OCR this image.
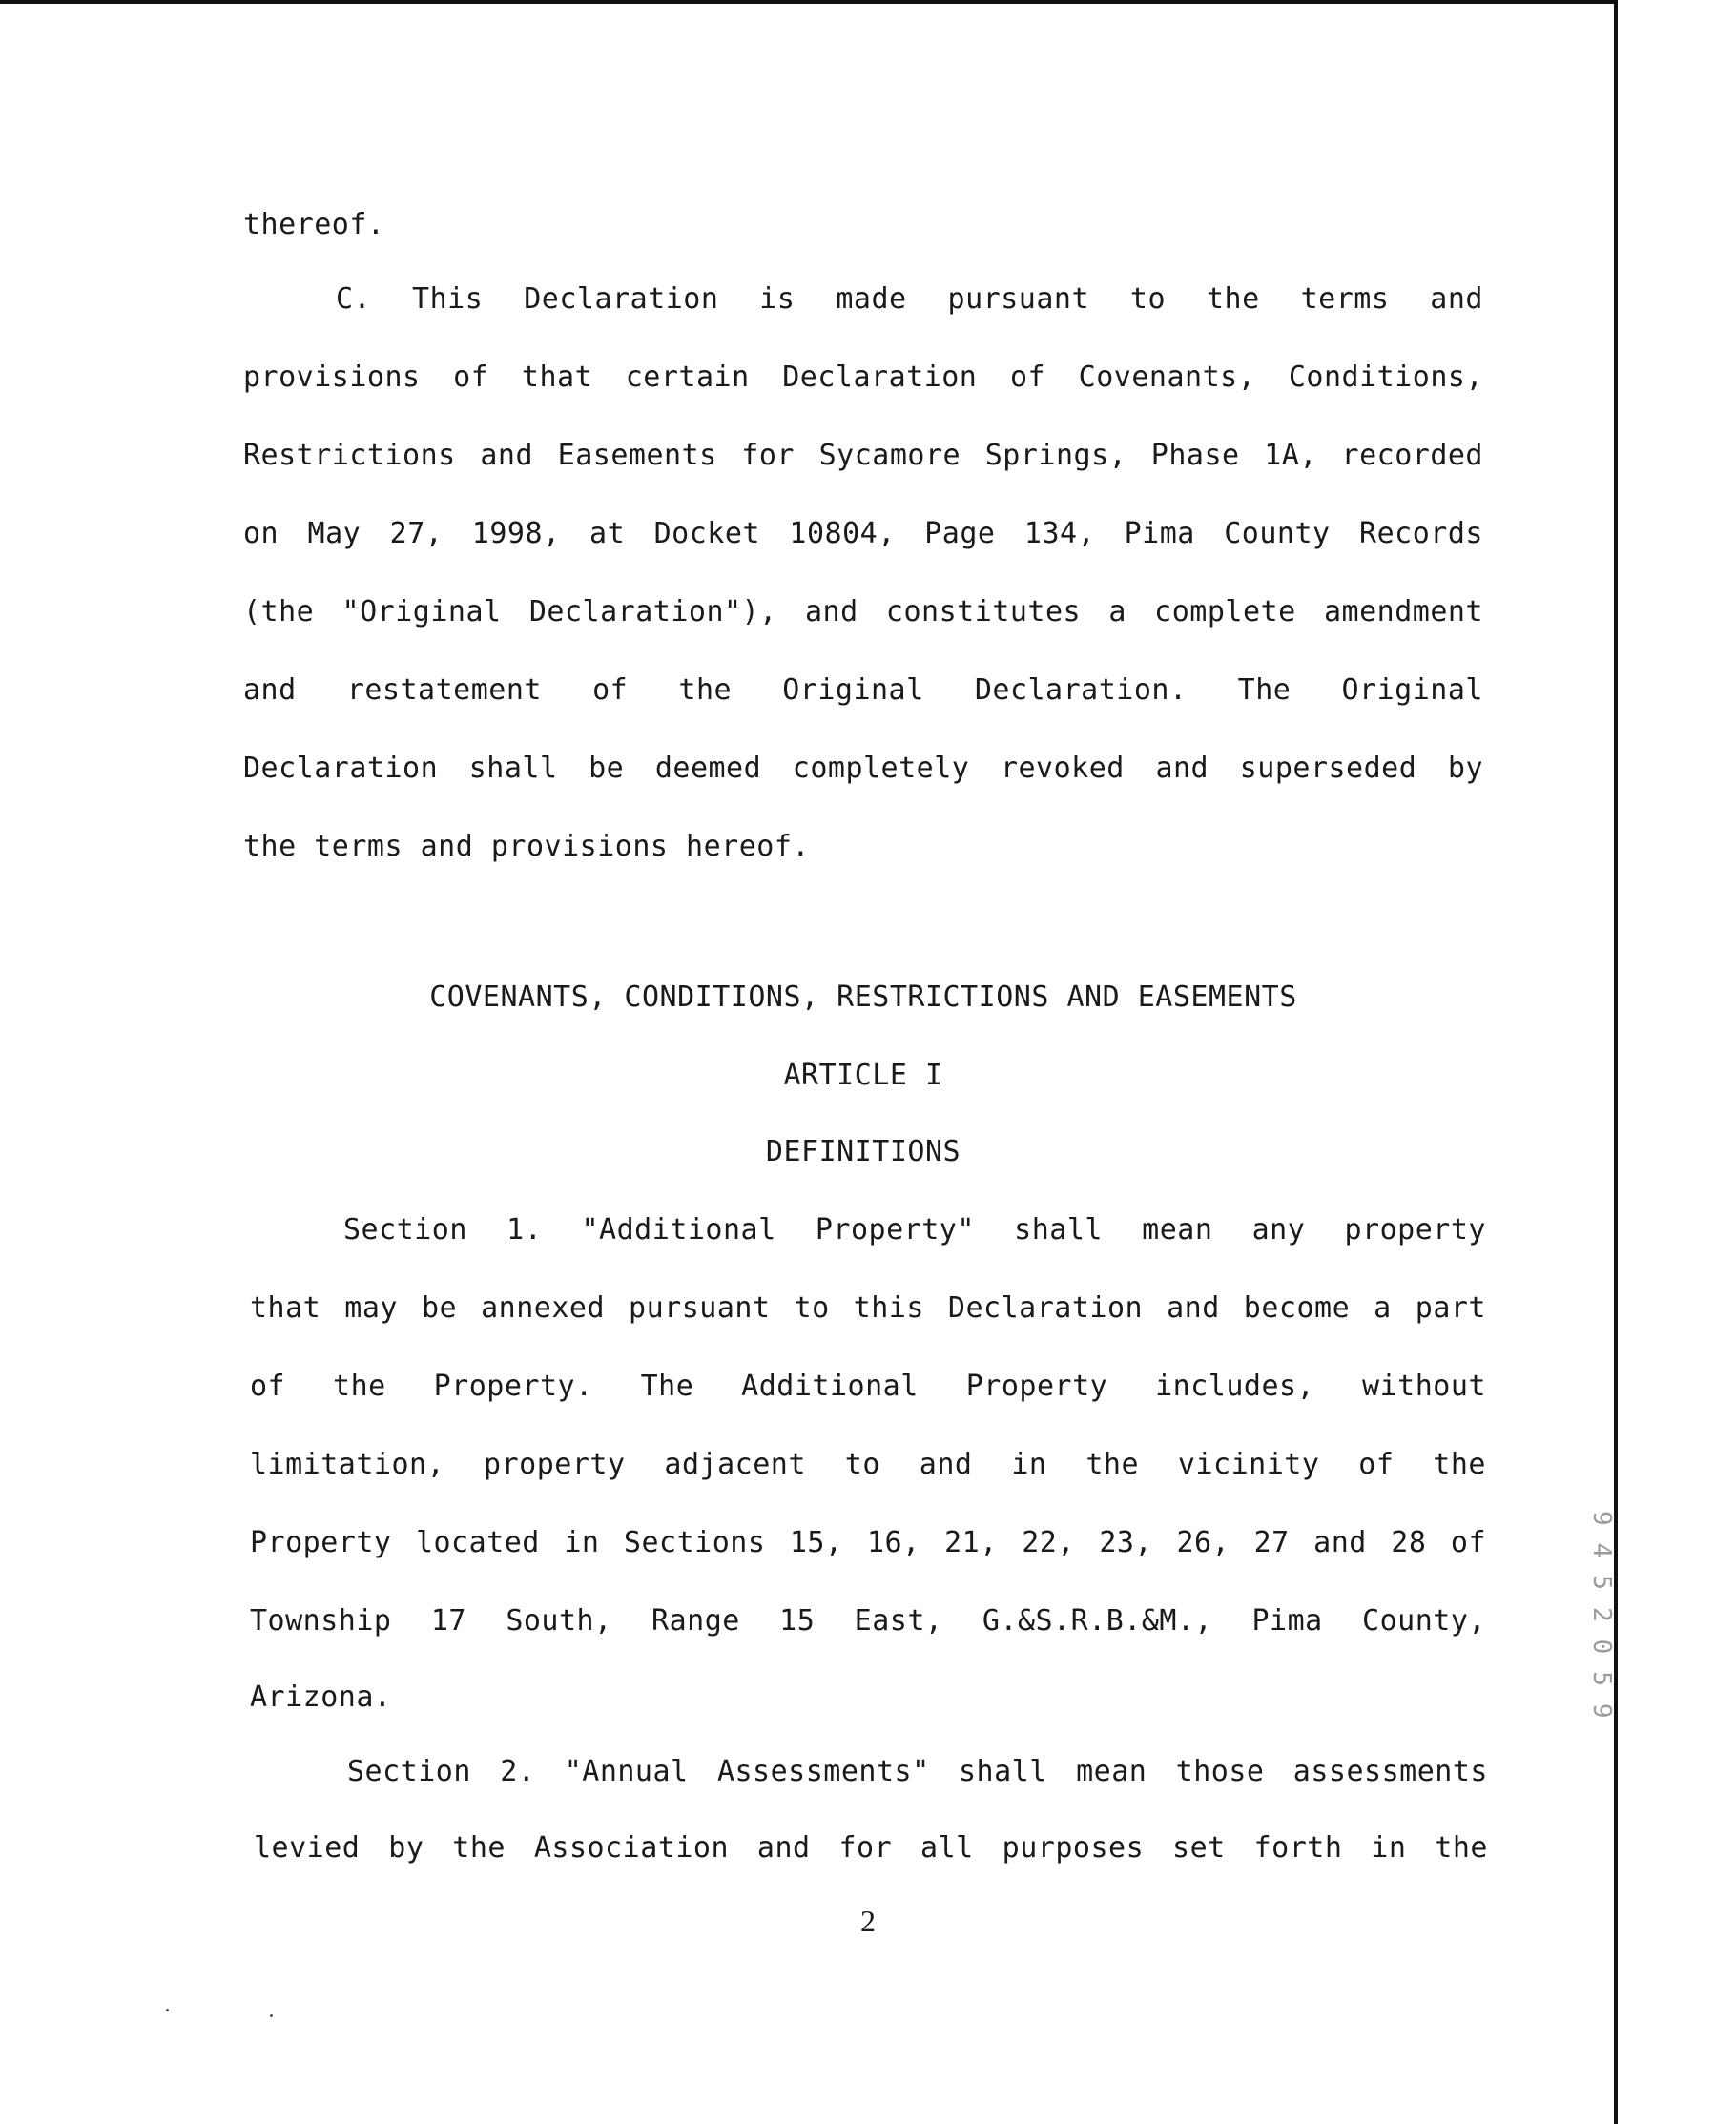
thereof.
C. This Declaration is made pursuant to the terms and
provisions of that certain Declaration of Covenants, Conditions,
Restrictions and Easements for Sycamore Springs, Phase 1A, recorded
on May 27, 1998, at Docket 10804, Page 134, Pima County Records
(the "Original Declaration"), and constitutes a complete amendment
and restatement of the Original Declaration. The Original
Declaration shall be deemed completely revoked and superseded by
the terms and provisions hereof.
COVENANTS, CONDITIONS, RESTRICTIONS AND EASEMENTS
ARTICLE I
DEFINITIONS
Section 1. "Additional Property" shall mean any property
that may be annexed pursuant to this Declaration and become a part
of the Property. The Additional Property includes, without
limitation, property adjacent to and in the vicinity of the
Property located in Sections 15, 16, 21, 22, 23, 26, 27 and 28 of
Township 17 South, Range 15 East, G.&S.R.B.&M., Pima County,
Arizona.
Section 2. "Annual Assessments" shall mean those assessments
levied by the Association and for all purposes set forth in the
2
9452059
